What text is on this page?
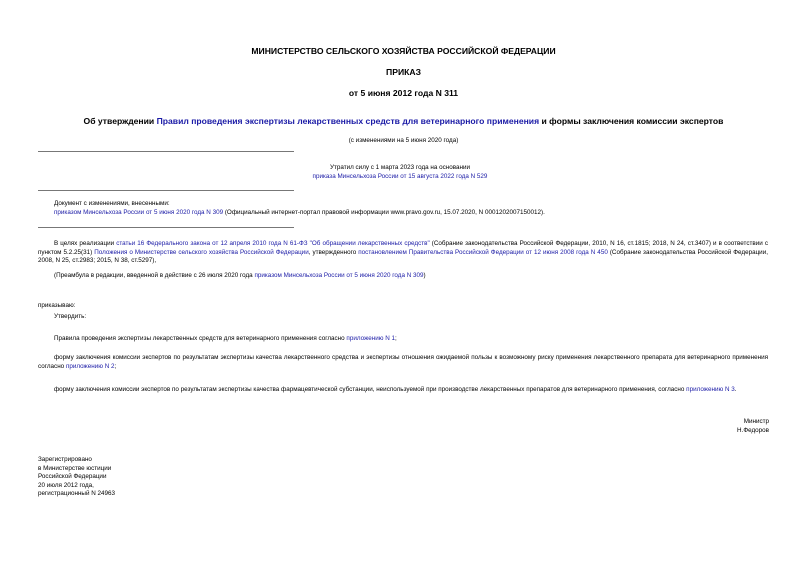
МИНИСТЕРСТВО СЕЛЬСКОГО ХОЗЯЙСТВА РОССИЙСКОЙ ФЕДЕРАЦИИ
ПРИКАЗ
от 5 июня 2012 года N 311
Об утверждении Правил проведения экспертизы лекарственных средств для ветеринарного применения и формы заключения комиссии экспертов
(с изменениями на 5 июня 2020 года)
Утратил силу с 1 марта 2023 года на основании
приказа Минсельхоза России от 15 августа 2022 года N 529
Документ с изменениями, внесенными:
приказом Минсельхоза России от 5 июня 2020 года N 309 (Официальный интернет-портал правовой информации www.pravo.gov.ru, 15.07.2020, N 0001202007150012).
В целях реализации статьи 16 Федерального закона от 12 апреля 2010 года N 61-ФЗ "Об обращении лекарственных средств" (Собрание законодательства Российской Федерации, 2010, N 16, ст.1815; 2018, N 24, ст.3407) и в соответствии с пунктом 5.2.25(31) Положения о Министерстве сельского хозяйства Российской Федерации, утвержденного постановлением Правительства Российской Федерации от 12 июня 2008 года N 450 (Собрание законодательства Российской Федерации, 2008, N 25, ст.2983; 2015, N 38, ст.5297),
(Преамбула в редакции, введенной в действие с 26 июля 2020 года приказом Минсельхоза России от 5 июня 2020 года N 309)
приказываю:
Утвердить:
Правила проведения экспертизы лекарственных средств для ветеринарного применения согласно приложению N 1;
форму заключения комиссии экспертов по результатам экспертизы качества лекарственного средства и экспертизы отношения ожидаемой пользы к возможному риску применения лекарственного препарата для ветеринарного применения согласно приложению N 2;
форму заключения комиссии экспертов по результатам экспертизы качества фармацевтической субстанции, неиспользуемой при производстве лекарственных препаратов для ветеринарного применения, согласно приложению N 3.
Министр
Н.Федоров
Зарегистрировано
в Министерстве юстиции
Российской Федерации
20 июля 2012 года,
регистрационный N 24963
